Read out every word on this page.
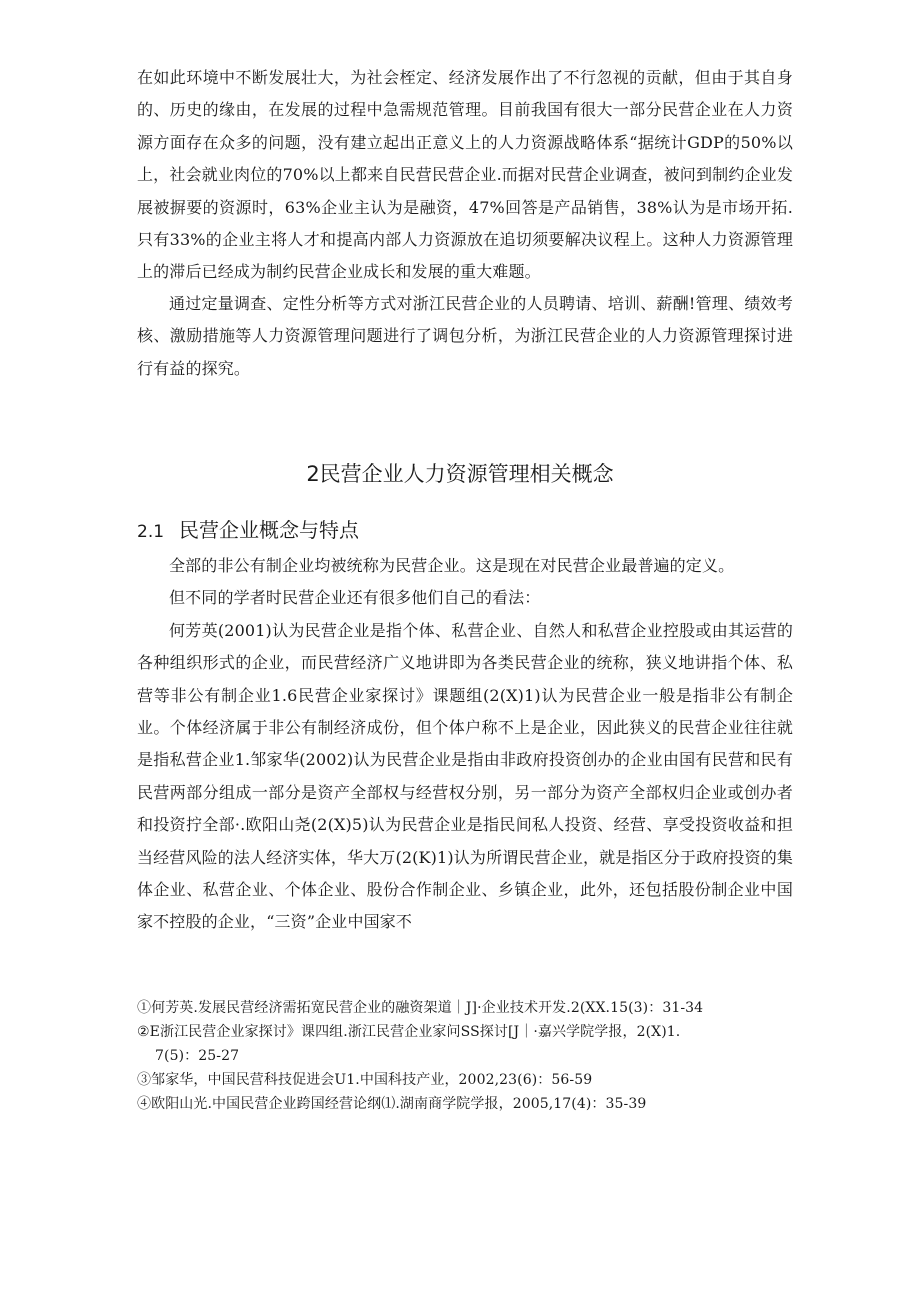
在如此环境中不断发展壮大，为社会桎定、经济发展作出了不行忽视的贡献，但由于其自身的、历史的缘由，在发展的过程中急需规范管理。目前我国有很大一部分民营企业在人力资源方面存在众多的问题，没有建立起出正意义上的人力资源战略体系“据统计GDP的50%以上，社会就业肉位的70%以上都来自民营民营企业.而据对民营企业调查，被问到制约企业发展被摒要的资源时，63%企业主认为是融资，47%回答是产品销售，38%认为是市场开拓.只有33%的企业主将人才和提高内部人力资源放在追切须要解决议程上。这种人力资源管理上的滞后已经成为制约民营企业成长和发展的重大难题。

通过定量调查、定性分析等方式对浙江民营企业的人员聘请、培训、薪酬!管理、绩效考核、激励措施等人力资源管理问题进行了调包分析，为浙江民营企业的人力资源管理探讨进行有益的探究。

2民营企业人力资源管理相关概念
2.1 民营企业概念与特点

全部的非公有制企业均被统称为民营企业。这是现在对民营企业最普遍的定义。

但不同的学者时民营企业还有很多他们自己的看法：

何芳英(2001)认为民营企业是指个体、私营企业、自然人和私营企业控股或由其运营的各种组织形式的企业，而民营经济广义地讲即为各类民营企业的统称，狭义地讲指个体、私营等非公有制企业1.6民营企业家探讨》课题组(2(X)1)认为民营企业一般是指非公有制企业。个体经济属于非公有制经济成份，但个体户称不上是企业，因此狭义的民营企业往往就是指私营企业1.邹家华(2002)认为民营企业是指由非政府投资创办的企业由国有民营和民有民营两部分组成一部分是资产全部权与经营权分别，另一部分为资产全部权归企业或创办者和投资拧全部·.欧阳山尧(2(X)5)认为民营企业是指民间私人投资、经营、享受投资收益和担当经营风险的法人经济实体，华大万(2(K)1)认为所谓民营企业，就是指区分于政府投资的集体企业、私营企业、个体企业、股份合作制企业、乡镇企业，此外，还包括股份制企业中国家不控股的企业，“三资”企业中国家不

①何芳英.发展民营经济需拓宽民营企业的融资架道｜J]·企业技术开发.2(XX.15(3)：31-34

②E浙江民营企业家探讨》课四组.浙江民营企业家问SS探讨[J｜·嘉兴学院学报，2(X)1.
7(5)：25-27

③邹家华，中国民营科技促进会U1.中国科技产业，2002,23(6)：56-59

④欧阳山光.中国民营企业跨国经营论纲⑴.湖南商学院学报，2005,17(4)：35-39
